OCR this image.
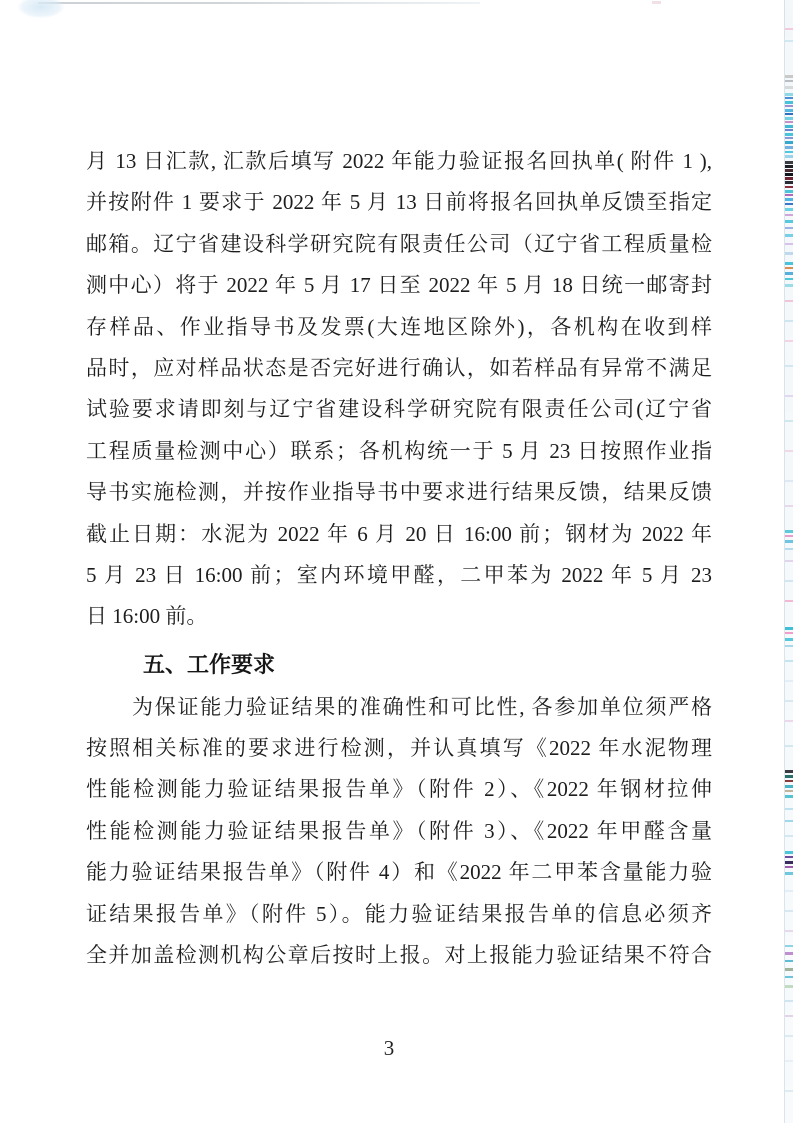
月 13 日汇款, 汇款后填写 2022 年能力验证报名回执单( 附件 1 ),
并按附件 1 要求于 2022 年 5 月 13 日前将报名回执单反馈至指定
邮箱。辽宁省建设科学研究院有限责任公司（辽宁省工程质量检
测中心）将于 2022 年 5 月 17 日至 2022 年 5 月 18 日统一邮寄封
存样品、作业指导书及发票(大连地区除外)，各机构在收到样
品时，应对样品状态是否完好进行确认，如若样品有异常不满足
试验要求请即刻与辽宁省建设科学研究院有限责任公司(辽宁省
工程质量检测中心）联系；各机构统一于 5 月 23 日按照作业指
导书实施检测，并按作业指导书中要求进行结果反馈，结果反馈
截止日期：水泥为 2022 年 6 月 20 日 16:00 前；钢材为 2022 年
5 月 23 日 16:00 前；室内环境甲醛，二甲苯为 2022 年 5 月 23
日 16:00 前。
五、工作要求
为保证能力验证结果的准确性和可比性, 各参加单位须严格
按照相关标准的要求进行检测，并认真填写《2022 年水泥物理
性能检测能力验证结果报告单》（附件 2）、《2022 年钢材拉伸
性能检测能力验证结果报告单》（附件 3）、《2022 年甲醛含量
能力验证结果报告单》（附件 4）和《2022 年二甲苯含量能力验
证结果报告单》（附件 5）。能力验证结果报告单的信息必须齐
全并加盖检测机构公章后按时上报。对上报能力验证结果不符合
3
